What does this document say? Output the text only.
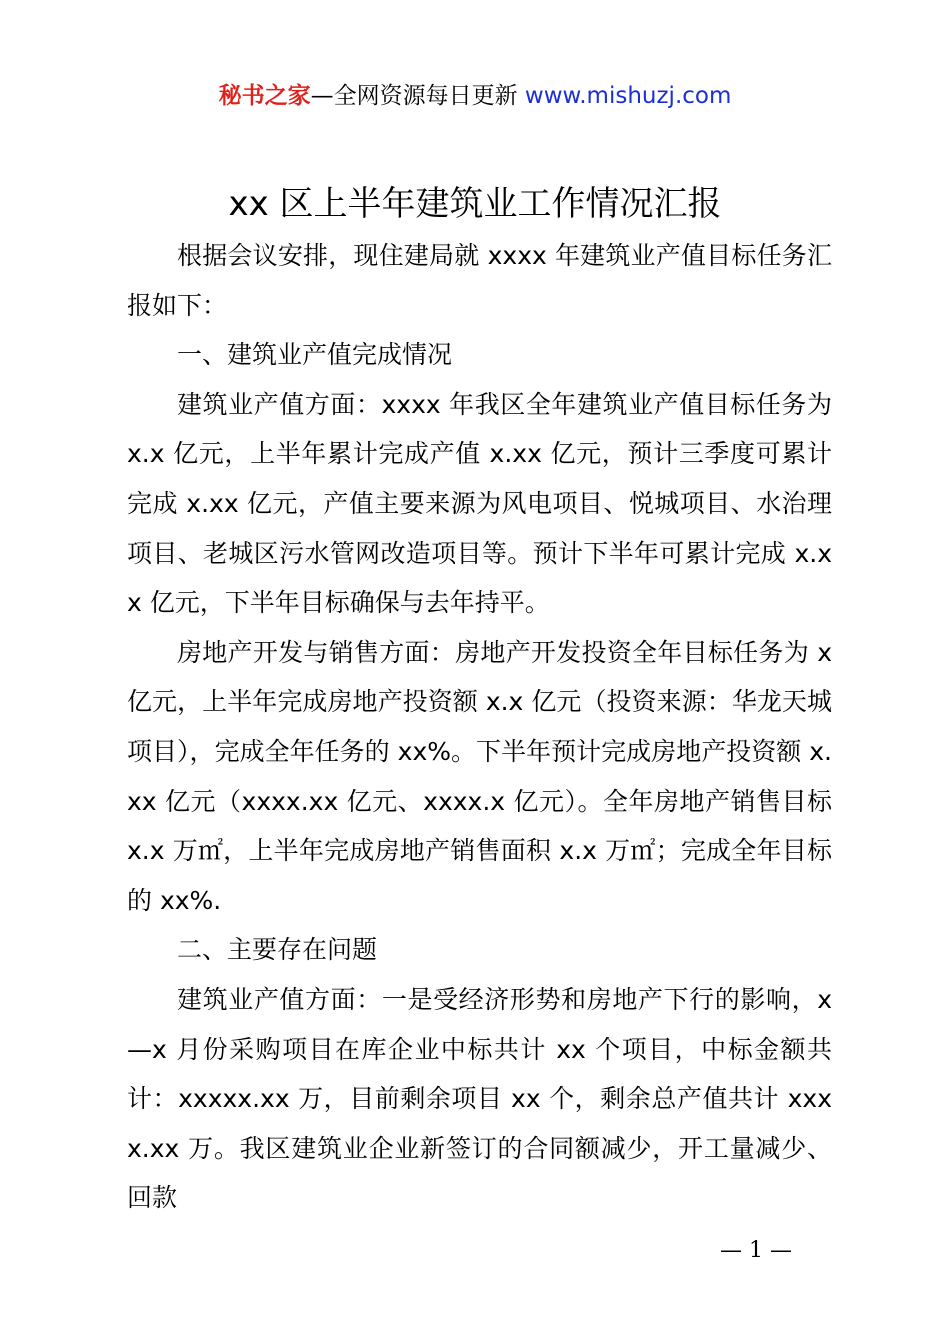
秘书之家—全网资源每日更新 www.mishuzj.com
xx 区上半年建筑业工作情况汇报

根据会议安排，现住建局就 xxxx 年建筑业产值目标任务汇报如下：

一、建筑业产值完成情况

建筑业产值方面：xxxx 年我区全年建筑业产值目标任务为 x.x 亿元，上半年累计完成产值 x.xx 亿元，预计三季度可累计完成 x.xx 亿元，产值主要来源为风电项目、悦城项目、水治理项目、老城区污水管网改造项目等。预计下半年可累计完成 x.xx 亿元，下半年目标确保与去年持平。

房地产开发与销售方面：房地产开发投资全年目标任务为 x 亿元，上半年完成房地产投资额 x.x 亿元（投资来源：华龙天城项目），完成全年任务的 xx%。下半年预计完成房地产投资额 x.xx 亿元（xxxx.xx 亿元、xxxx.x 亿元）。全年房地产销售目标 x.x 万㎡，上半年完成房地产销售面积 x.x 万㎡；完成全年目标的 xx%.

二、主要存在问题

建筑业产值方面：一是受经济形势和房地产下行的影响，x—x 月份采购项目在库企业中标共计 xx 个项目，中标金额共计：xxxxx.xx 万，目前剩余项目 xx 个，剩余总产值共计 xxxx.xx 万。我区建筑业企业新签订的合同额减少，开工量减少、回款

— 1 —
